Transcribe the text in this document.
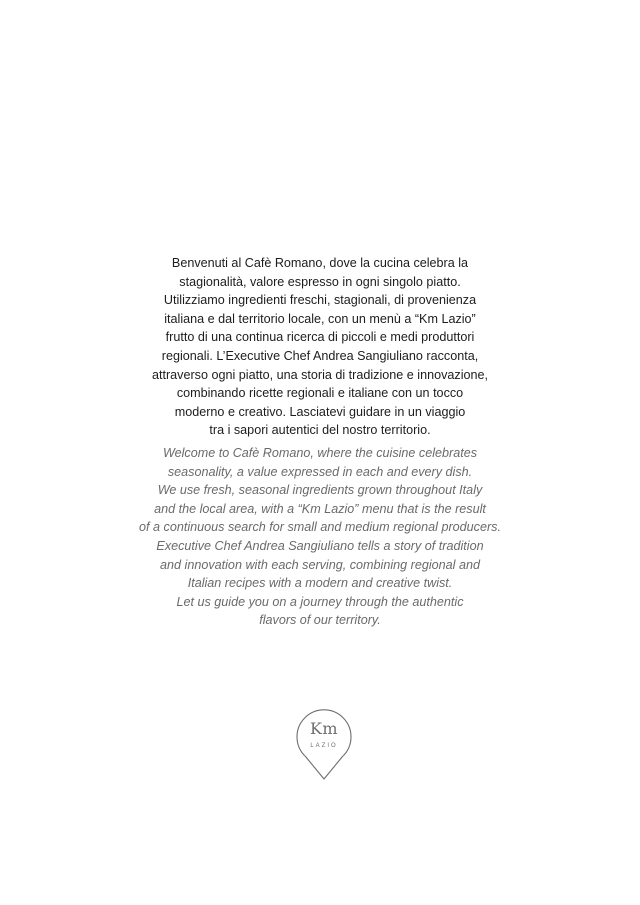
Benvenuti al Cafè Romano, dove la cucina celebra la
stagionalità, valore espresso in ogni singolo piatto.
Utilizziamo ingredienti freschi, stagionali, di provenienza
italiana e dal territorio locale, con un menù a “Km Lazio”
frutto di una continua ricerca di piccoli e medi produttori
regionali. L’Executive Chef Andrea Sangiuliano racconta,
attraverso ogni piatto, una storia di tradizione e innovazione,
combinando ricette regionali e italiane con un tocco
moderno e creativo. Lasciatevi guidare in un viaggio
tra i sapori autentici del nostro territorio.
Welcome to Cafè Romano, where the cuisine celebrates
seasonality, a value expressed in each and every dish.
We use fresh, seasonal ingredients grown throughout Italy
and the local area, with a “Km Lazio” menu that is the result
of a continuous search for small and medium regional producers.
Executive Chef Andrea Sangiuliano tells a story of tradition
and innovation with each serving, combining regional and
Italian recipes with a modern and creative twist.
Let us guide you on a journey through the authentic
flavors of our territory.
Km
LAZIO
